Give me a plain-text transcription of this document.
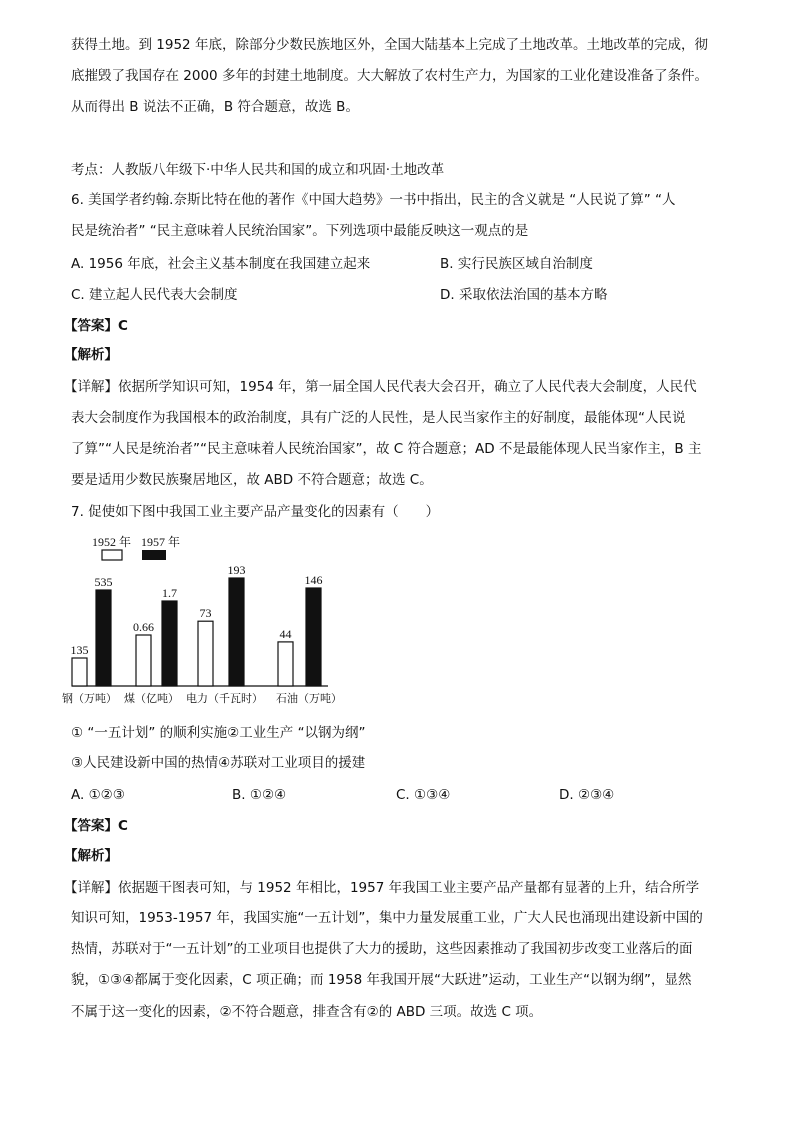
获得土地。到 1952 年底，除部分少数民族地区外，全国大陆基本上完成了土地改革。土地改革的完成，彻
底摧毁了我国存在 2000 多年的封建土地制度。大大解放了农村生产力，为国家的工业化建设准备了条件。
从而得出 B 说法不正确，B 符合题意，故选 B。
考点：人教版八年级下·中华人民共和国的成立和巩固·土地改革
6. 美国学者约翰.奈斯比特在他的著作《中国大趋势》一书中指出，民主的含义就是 “人民说了算” “人
民是统治者” “民主意味着人民统治国家”。下列选项中最能反映这一观点的是
A. 1956 年底，社会主义基本制度在我国建立起来	B. 实行民族区域自治制度
C. 建立起人民代表大会制度	D. 采取依法治国的基本方略
【答案】C
【解析】
【详解】依据所学知识可知，1954 年，第一届全国人民代表大会召开，确立了人民代表大会制度，人民代
表大会制度作为我国根本的政治制度，具有广泛的人民性，是人民当家作主的好制度，最能体现“人民说
了算”“人民是统治者”“民主意味着人民统治国家”，故 C 符合题意；AD 不是最能体现人民当家作主，B 主
要是适用少数民族聚居地区，故 ABD 不符合题意；故选 C。
7. 促使如下图中我国工业主要产品产量变化的因素有（　　）
1952 年 1957 年
135
535
0.66
1.7
73
193
44
146
钢（万吨） 煤（亿吨） 电力（千瓦时） 石油（万吨）
① “一五计划” 的顺利实施②工业生产 “以钢为纲”
③人民建设新中国的热情④苏联对工业项目的援建
A. ①②③	B. ①②④	C. ①③④	D. ②③④
【答案】C
【解析】
【详解】依据题干图表可知，与 1952 年相比，1957 年我国工业主要产品产量都有显著的上升，结合所学
知识可知，1953-1957 年，我国实施“一五计划”，集中力量发展重工业，广大人民也涌现出建设新中国的
热情，苏联对于“一五计划”的工业项目也提供了大力的援助，这些因素推动了我国初步改变工业落后的面
貌，①③④都属于变化因素，C 项正确；而 1958 年我国开展“大跃进”运动，工业生产“以钢为纲”，显然
不属于这一变化的因素，②不符合题意，排查含有②的 ABD 三项。故选 C 项。
